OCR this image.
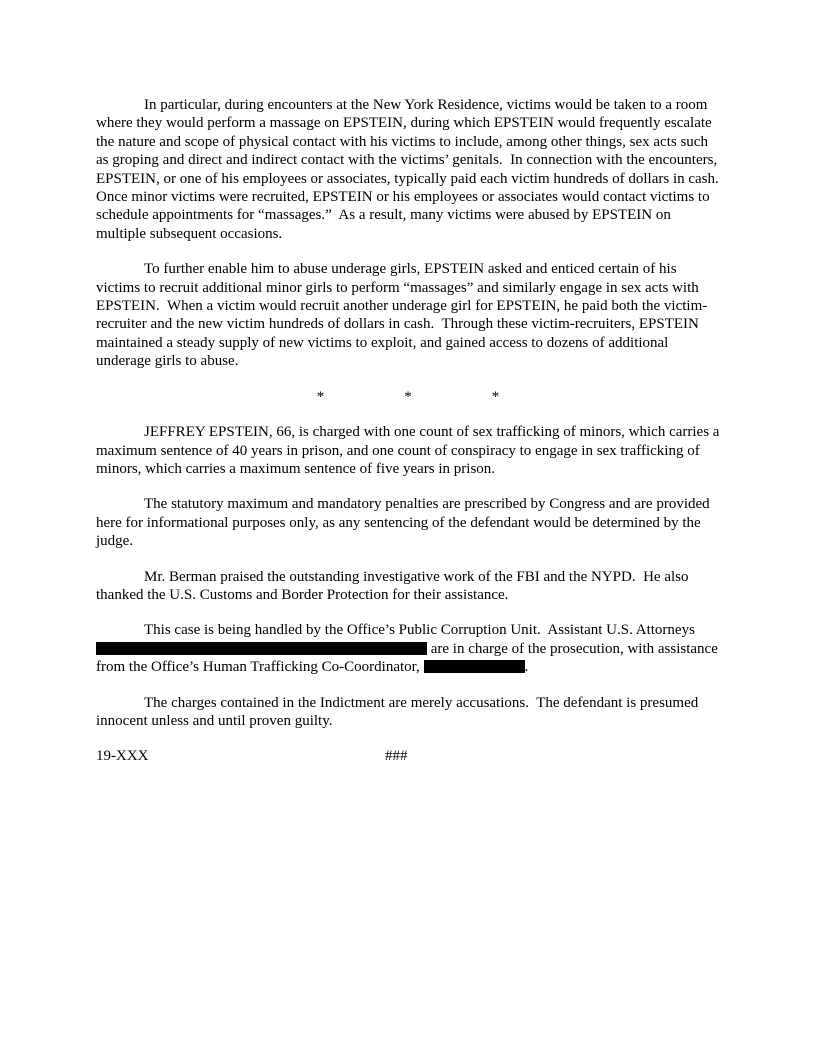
In particular, during encounters at the New York Residence, victims would be taken to a room where they would perform a massage on EPSTEIN, during which EPSTEIN would frequently escalate the nature and scope of physical contact with his victims to include, among other things, sex acts such as groping and direct and indirect contact with the victims’ genitals.  In connection with the encounters, EPSTEIN, or one of his employees or associates, typically paid each victim hundreds of dollars in cash.  Once minor victims were recruited, EPSTEIN or his employees or associates would contact victims to schedule appointments for “massages.”  As a result, many victims were abused by EPSTEIN on multiple subsequent occasions.

To further enable him to abuse underage girls, EPSTEIN asked and enticed certain of his victims to recruit additional minor girls to perform “massages” and similarly engage in sex acts with EPSTEIN.  When a victim would recruit another underage girl for EPSTEIN, he paid both the victim-recruiter and the new victim hundreds of dollars in cash.  Through these victim-recruiters, EPSTEIN maintained a steady supply of new victims to exploit, and gained access to dozens of additional underage girls to abuse.

*	*	*

JEFFREY EPSTEIN, 66, is charged with one count of sex trafficking of minors, which carries a maximum sentence of 40 years in prison, and one count of conspiracy to engage in sex trafficking of minors, which carries a maximum sentence of five years in prison.

The statutory maximum and mandatory penalties are prescribed by Congress and are provided here for informational purposes only, as any sentencing of the defendant would be determined by the judge.

Mr. Berman praised the outstanding investigative work of the FBI and the NYPD.  He also thanked the U.S. Customs and Border Protection for their assistance.

This case is being handled by the Office’s Public Corruption Unit.  Assistant U.S. Attorneys  are in charge of the prosecution, with assistance from the Office’s Human Trafficking Co-Coordinator,	.

The charges contained in the Indictment are merely accusations.  The defendant is presumed innocent unless and until proven guilty.

19-XXX	###
